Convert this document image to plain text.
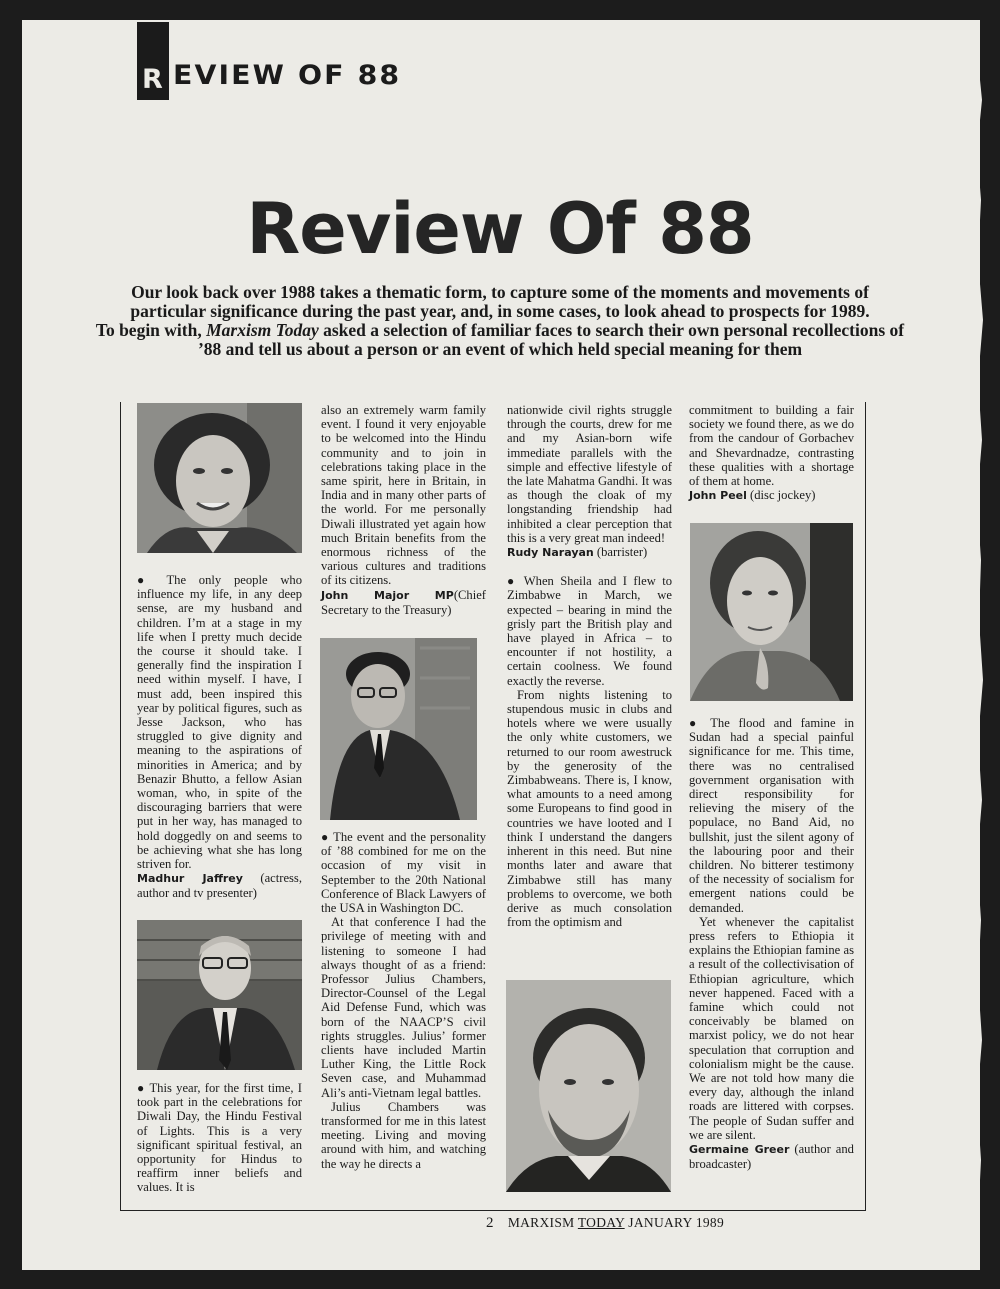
R EVIEW OF 88
Review Of 88
Our look back over 1988 takes a thematic form, to capture some of the moments and movements of particular significance during the past year, and, in some cases, to look ahead to prospects for 1989.
To begin with, Marxism Today asked a selection of familiar faces to search their own personal recollections of ’88 and tell us about a person or an event of which held special meaning for them

● The only people who influence my life, in any deep sense, are my husband and children. I’m at a stage in my life when I pretty much decide the course it should take. I generally find the inspiration I need within myself. I have, I must add, been inspired this year by political figures, such as Jesse Jackson, who has struggled to give dignity and meaning to the aspirations of minorities in America; and by Benazir Bhutto, a fellow Asian woman, who, in spite of the discouraging barriers that were put in her way, has managed to hold doggedly on and seems to be achieving what she has long striven for.

Madhur Jaffrey (actress, author and tv presenter)

● This year, for the first time, I took part in the celebrations for Diwali Day, the Hindu Festival of Lights. This is a very significant spiritual festival, an opportunity for Hindus to reaffirm inner beliefs and values. It is

also an extremely warm family event. I found it very enjoyable to be welcomed into the Hindu community and to join in celebrations taking place in the same spirit, here in Britain, in India and in many other parts of the world. For me personally Diwali illustrated yet again how much Britain benefits from the enormous richness of the various cultures and traditions of its citizens.

John Major MP(Chief Secretary to the Treasury)

● The event and the personality of ’88 combined for me on the occasion of my visit in September to the 20th National Conference of Black Lawyers of the USA in Washington DC.

At that conference I had the privilege of meeting with and listening to someone I had always thought of as a friend: Professor Julius Chambers, Director-Counsel of the Legal Aid Defense Fund, which was born of the NAACP’S civil rights struggles. Julius’ former clients have included Martin Luther King, the Little Rock Seven case, and Muhammad Ali’s anti-Vietnam legal battles.

Julius Chambers was transformed for me in this latest meeting. Living and moving around with him, and watching the way he directs a

nationwide civil rights struggle through the courts, drew for me and my Asian-born wife immediate parallels with the simple and effective lifestyle of the late Mahatma Gandhi. It was as though the cloak of my longstanding friendship had inhibited a clear perception that this is a very great man indeed!

Rudy Narayan (barrister)

● When Sheila and I flew to Zimbabwe in March, we expected – bearing in mind the grisly part the British play and have played in Africa – to encounter if not hostility, a certain coolness. We found exactly the reverse.

From nights listening to stupendous music in clubs and hotels where we were usually the only white customers, we returned to our room awestruck by the generosity of the Zimbabweans. There is, I know, what amounts to a need among some Europeans to find good in countries we have looted and I think I understand the dangers inherent in this need. But nine months later and aware that Zimbabwe still has many problems to overcome, we both derive as much consolation from the optimism and

commitment to building a fair society we found there, as we do from the candour of Gorbachev and Shevardnadze, contrasting these qualities with a shortage of them at home.

John Peel (disc jockey)

● The flood and famine in Sudan had a special painful significance for me. This time, there was no centralised government organisation with direct responsibility for relieving the misery of the populace, no Band Aid, no bullshit, just the silent agony of the labouring poor and their children. No bitterer testimony of the necessity of socialism for emergent nations could be demanded.

Yet whenever the capitalist press refers to Ethiopia it explains the Ethiopian famine as a result of the collectivisation of Ethiopian agriculture, which never happened. Faced with a famine which could not conceivably be blamed on marxist policy, we do not hear speculation that corruption and colonialism might be the cause. We are not told how many die every day, although the inland roads are littered with corpses. The people of Sudan suffer and we are silent.

Germaine Greer (author and broadcaster)

2 MARXISM TODAY JANUARY 1989
